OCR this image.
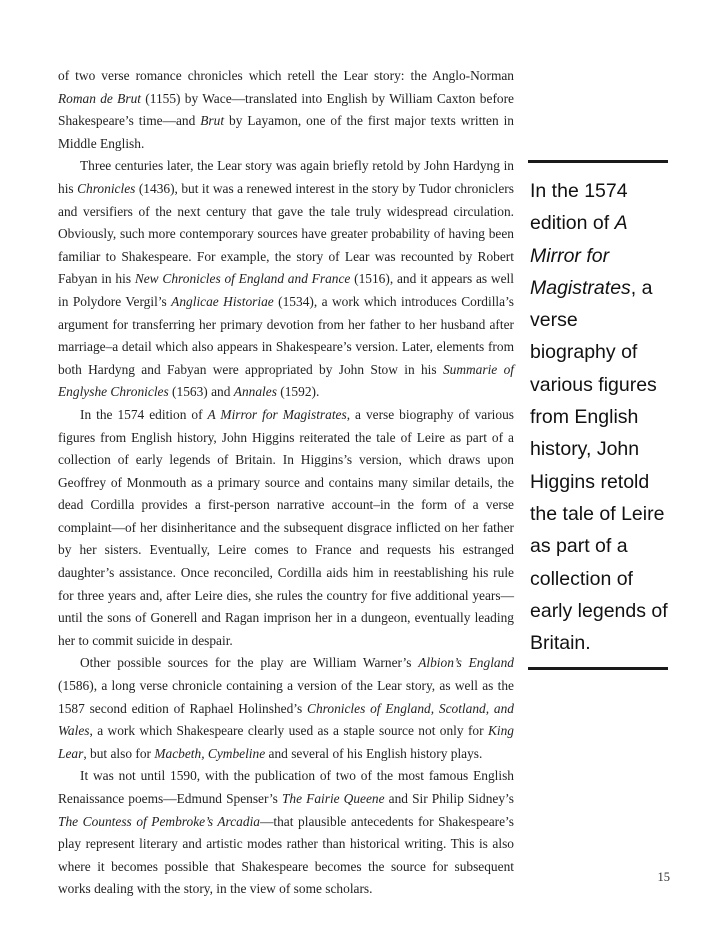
of two verse romance chronicles which retell the Lear story: the Anglo-Norman Roman de Brut (1155) by Wace—translated into English by William Caxton before Shakespeare’s time—and Brut by Layamon, one of the first major texts written in Middle English.

Three centuries later, the Lear story was again briefly retold by John Hardyng in his Chronicles (1436), but it was a renewed interest in the story by Tudor chroniclers and versifiers of the next century that gave the tale truly widespread circulation. Obviously, such more contemporary sources have greater probability of having been familiar to Shakespeare. For example, the story of Lear was recounted by Robert Fabyan in his New Chronicles of England and France (1516), and it appears as well in Polydore Vergil’s Anglicae Historiae (1534), a work which introduces Cordilla’s argument for transferring her primary devotion from her father to her husband after marriage–a detail which also appears in Shakespeare’s version. Later, elements from both Hardyng and Fabyan were appropriated by John Stow in his Summarie of Englyshe Chronicles (1563) and Annales (1592).

In the 1574 edition of A Mirror for Magistrates, a verse biography of various figures from English history, John Higgins reiterated the tale of Leire as part of a collection of early legends of Britain. In Higgins’s version, which draws upon Geoffrey of Monmouth as a primary source and contains many similar details, the dead Cordilla provides a first-person narrative account–in the form of a verse complaint—of her disinheritance and the subsequent disgrace inflicted on her father by her sisters. Eventually, Leire comes to France and requests his estranged daughter’s assistance. Once reconciled, Cordilla aids him in reestablishing his rule for three years and, after Leire dies, she rules the country for five additional years—until the sons of Gonerell and Ragan imprison her in a dungeon, eventually leading her to commit suicide in despair.

Other possible sources for the play are William Warner’s Albion’s England (1586), a long verse chronicle containing a version of the Lear story, as well as the 1587 second edition of Raphael Holinshed’s Chronicles of England, Scotland, and Wales, a work which Shakespeare clearly used as a staple source not only for King Lear, but also for Macbeth, Cymbeline and several of his English history plays.

It was not until 1590, with the publication of two of the most famous English Renaissance poems—Edmund Spenser’s The Fairie Queene and Sir Philip Sidney’s The Countess of Pembroke’s Arcadia—that plausible antecedents for Shakespeare’s play represent literary and artistic modes rather than historical writing. This is also where it becomes possible that Shakespeare becomes the source for subsequent works dealing with the story, in the view of some scholars.

In the 1574 edition of A Mirror for Magistrates, a verse biography of various figures from English history, John Higgins retold the tale of Leire as part of a collection of early legends of Britain.
15
